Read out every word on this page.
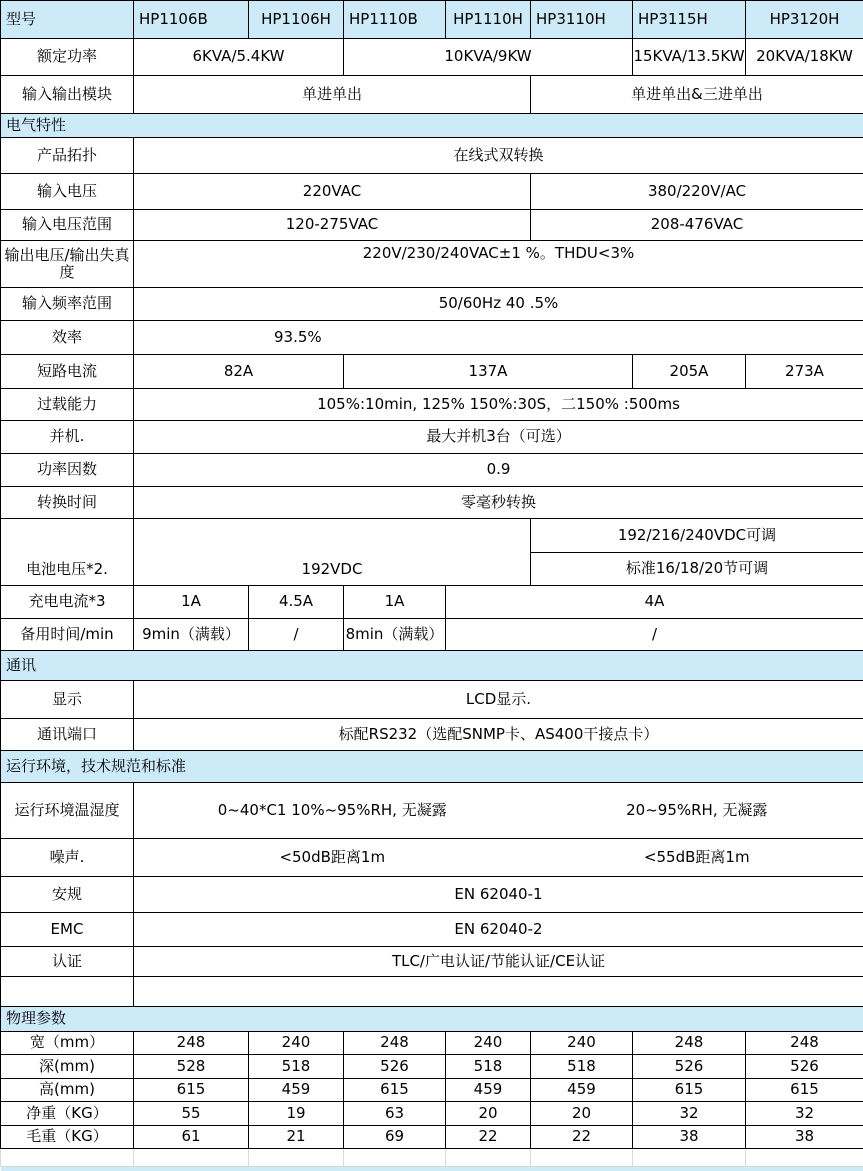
型号	HP1106B	HP1106H	HP1110B	HP1110H	HP3110H	HP3115H	HP3120H
额定功率	6KVA/5.4KW		10KVA/9KW			15KVA/13.5KW	20KVA/18KW
输入输出模块	单进单出				单进单出&三进单出		
电气特性							
产品拓扑	在线式双转换						
输入电压	220VAC				380/220V/AC		
输入电压范围	120-275VAC				208-476VAC		
输出电压/输出失真度	220V/230/240VAC±1 %。THDU<3%						
输入频率范围	50/60Hz 40 .5%						
效率	93.5%						
短路电流	82A		137A			205A	273A
过载能力	105%:10min, 125% 150%:30S，二150% :500ms						
并机.	最大并机3台（可选）						
功率因数	0.9						
转换时间	零毫秒转换						
电池电压*2.	192VDC				192/216/240VDC可调		
					标准16/18/20节可调		
充电电流*3	1A	4.5A	1A	4A			
备用时间/min	9min（满载）	/	8min（满载）	/			
通讯							
显示	LCD显示.						
通讯端口	标配RS232（选配SNMP卡、AS400干接点卡）						
运行环境，技术规范和标准							
运行环境温湿度	0~40*C1 10%~95%RH, 无凝露				20~95%RH, 无凝露		
噪声.	<50dB距离1m				<55dB距离1m		
安规	EN 62040-1						
EMC	EN 62040-2						
认证	TLC/广电认证/节能认证/CE认证						

物理参数							
宽（mm）	248	240	248	240	240	248	248
深(mm)	528	518	526	518	518	526	526
高(mm)	615	459	615	459	459	615	615
净重（KG）	55	19	63	20	20	32	32
毛重（KG）	61	21	69	22	22	38	38
